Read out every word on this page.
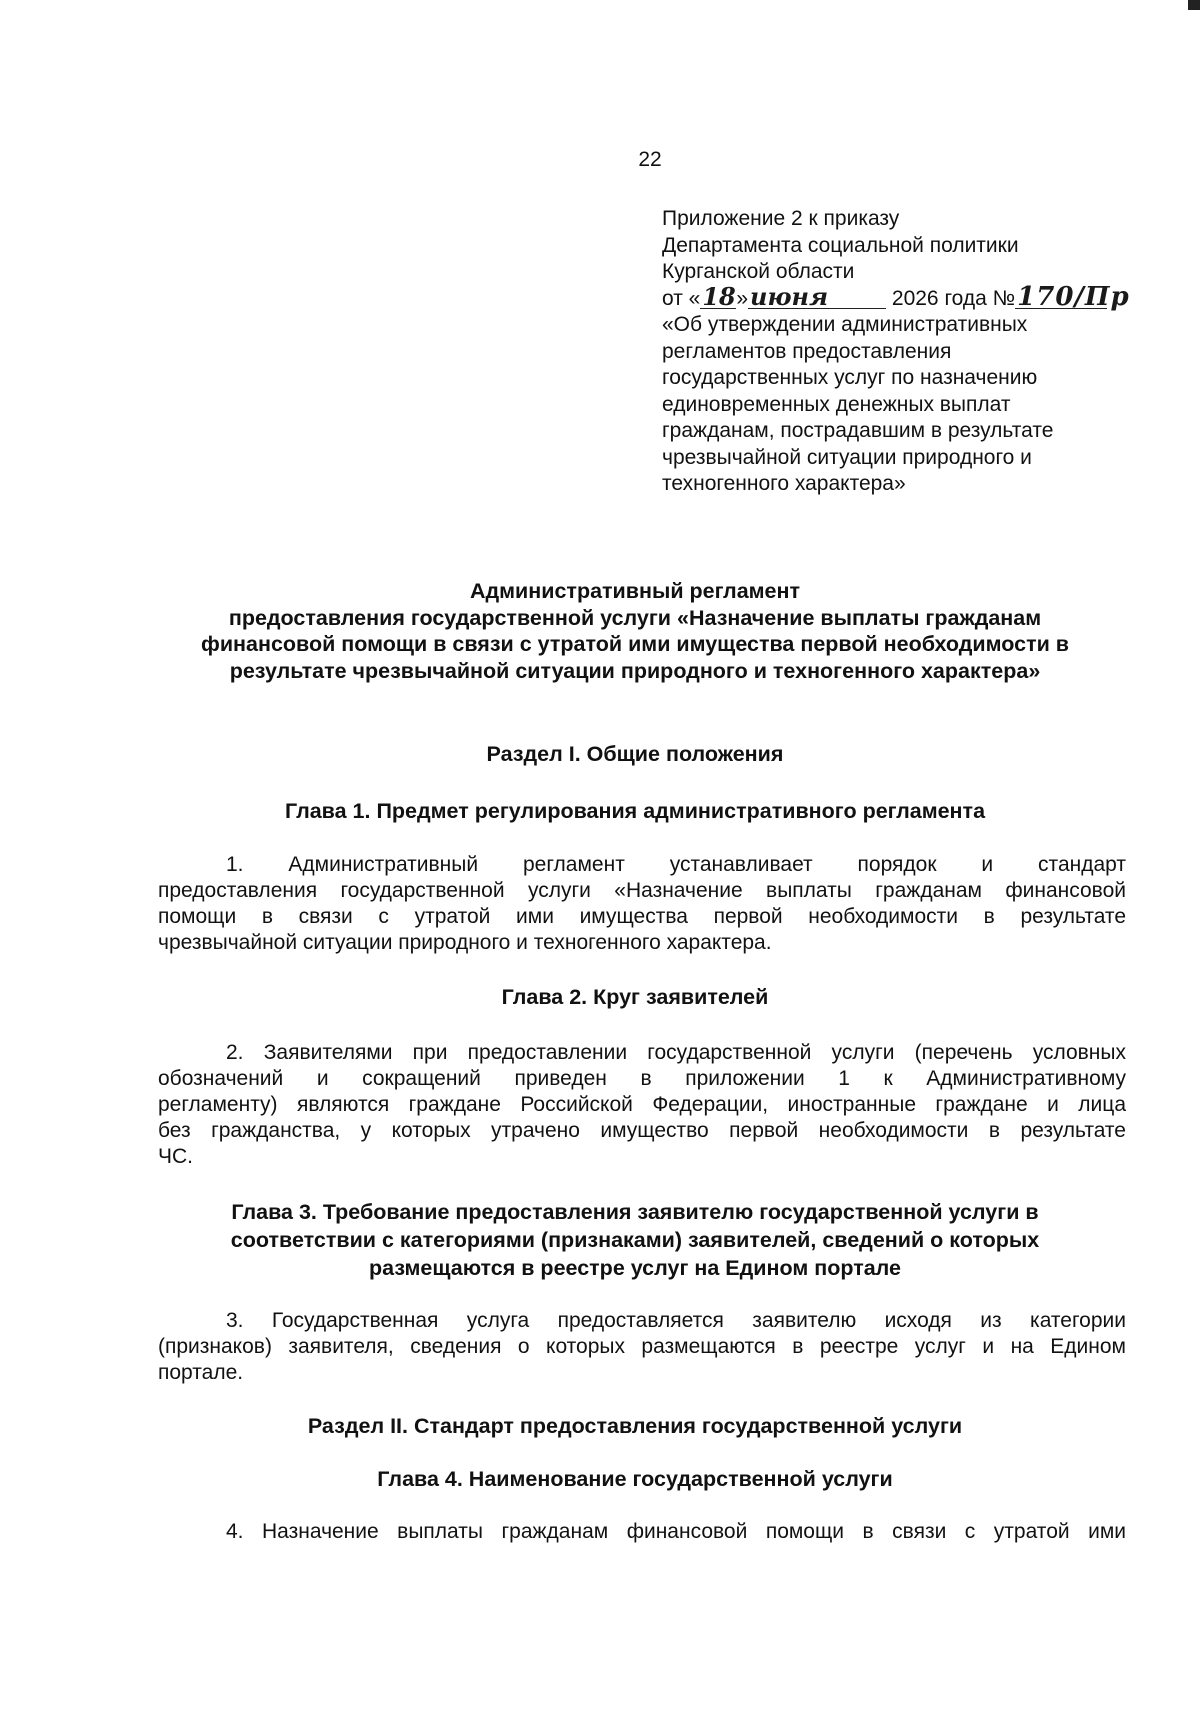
22
Приложение 2 к приказу
Департамента социальной политики
Курганской области
от «18»июня	2026 года №170/Пр
«Об утверждении административных
регламентов предоставления
государственных услуг по назначению
единовременных денежных выплат
гражданам, пострадавшим в результате
чрезвычайной ситуации природного и
техногенного характера»
Административный регламент
предоставления государственной услуги «Назначение выплаты гражданам
финансовой помощи в связи с утратой ими имущества первой необходимости в
результате чрезвычайной ситуации природного и техногенного характера»
Раздел I. Общие положения
Глава 1. Предмет регулирования административного регламента
1. Административный регламент устанавливает порядок и стандарт
предоставления государственной услуги «Назначение выплаты гражданам финансовой
помощи в связи с утратой ими имущества первой необходимости в результате
чрезвычайной ситуации природного и техногенного характера.
Глава 2. Круг заявителей
2. Заявителями при предоставлении государственной услуги (перечень условных
обозначений и сокращений приведен в приложении 1 к Административному
регламенту) являются граждане Российской Федерации, иностранные граждане и лица
без гражданства, у которых утрачено имущество первой необходимости в результате
ЧС.
Глава 3. Требование предоставления заявителю государственной услуги в
соответствии с категориями (признаками) заявителей, сведений о которых
размещаются в реестре услуг на Едином портале
3. Государственная услуга предоставляется заявителю исходя из категории
(признаков) заявителя, сведения о которых размещаются в реестре услуг и на Едином
портале.
Раздел II. Стандарт предоставления государственной услуги
Глава 4. Наименование государственной услуги
4. Назначение выплаты гражданам финансовой помощи в связи с утратой ими
